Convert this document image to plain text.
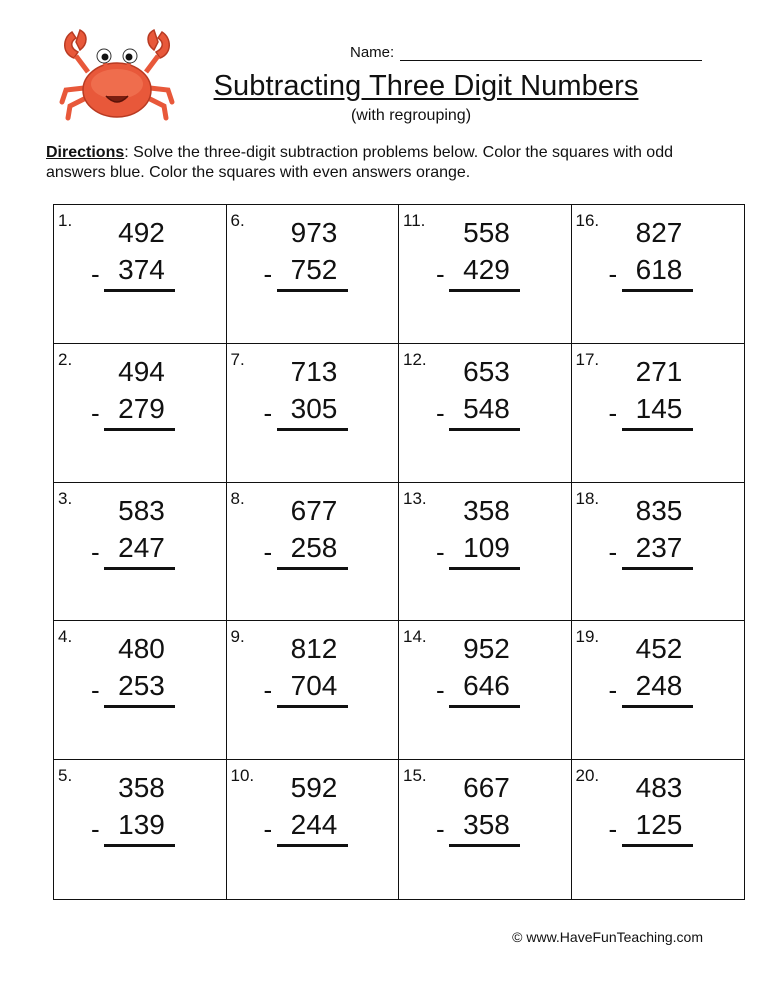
Name:
Subtracting Three Digit Numbers
(with regrouping)
Directions: Solve the three-digit subtraction problems below. Color the squares with odd answers blue. Color the squares with even answers orange.
1.	492
- 374
6.	973
- 752
11.	558
- 429
16.	827
- 618
2.	494
- 279
7.	713
- 305
12.	653
- 548
17.	271
- 145
3.	583
- 247
8.	677
- 258
13.	358
- 109
18.	835
- 237
4.	480
- 253
9.	812
- 704
14.	952
- 646
19.	452
- 248
5.	358
- 139
10.	592
- 244
15.	667
- 358
20.	483
- 125
© www.HaveFunTeaching.com
